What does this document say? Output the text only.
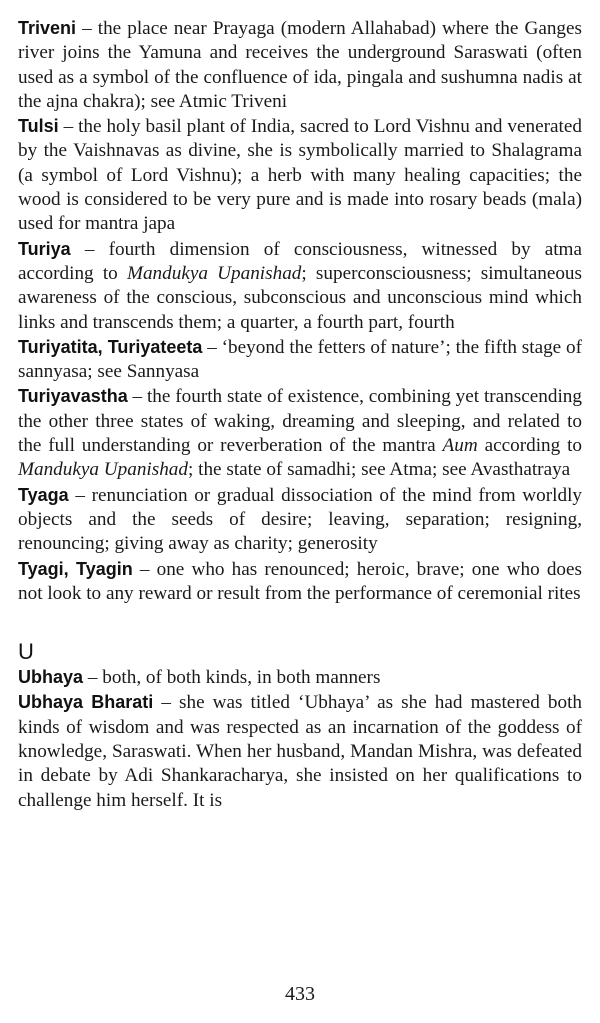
Triveni – the place near Prayaga (modern Allahabad) where the Ganges river joins the Yamuna and receives the underground Saraswati (often used as a symbol of the confluence of ida, pingala and sushumna nadis at the ajna chakra); see Atmic Triveni

Tulsi – the holy basil plant of India, sacred to Lord Vishnu and venerated by the Vaishnavas as divine, she is symbolically married to Shalagrama (a symbol of Lord Vishnu); a herb with many healing capacities; the wood is considered to be very pure and is made into rosary beads (mala) used for mantra japa

Turiya – fourth dimension of consciousness, witnessed by atma according to Mandukya Upanishad; superconsciousness; simultaneous awareness of the conscious, subconscious and unconscious mind which links and transcends them; a quarter, a fourth part, fourth

Turiyatita, Turiyateeta – ‘beyond the fetters of nature’; the fifth stage of sannyasa; see Sannyasa

Turiyavastha – the fourth state of existence, combining yet transcending the other three states of waking, dreaming and sleeping, and related to the full understanding or reverberation of the mantra Aum according to Mandukya Upanishad; the state of samadhi; see Atma; see Avasthatraya

Tyaga – renunciation or gradual dissociation of the mind from worldly objects and the seeds of desire; leaving, separation; resigning, renouncing; giving away as charity; generosity

Tyagi, Tyagin – one who has renounced; heroic, brave; one who does not look to any reward or result from the performance of ceremonial rites

U

Ubhaya – both, of both kinds, in both manners

Ubhaya Bharati – she was titled ‘Ubhaya’ as she had mastered both kinds of wisdom and was respected as an incarnation of the goddess of knowledge, Saraswati. When her husband, Mandan Mishra, was defeated in debate by Adi Shankaracharya, she insisted on her qualifications to challenge him herself. It is

433
